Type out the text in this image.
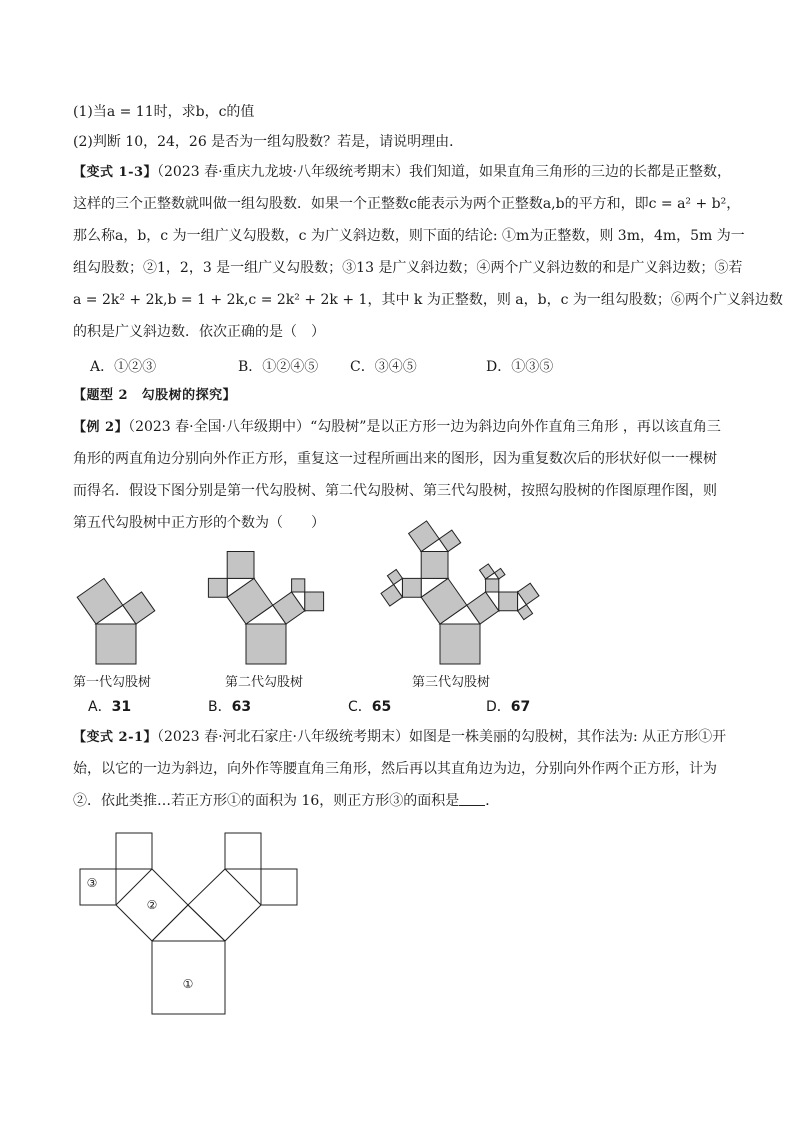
(1)当a = 11时，求b，c的值
(2)判断 10，24，26 是否为一组勾股数？若是，请说明理由．
【变式 1-3】（2023 春·重庆九龙坡·八年级统考期末）我们知道，如果直角三角形的三边的长都是正整数，
这样的三个正整数就叫做一组勾股数．如果一个正整数c能表示为两个正整数a,b的平方和，即c = a² + b²，
那么称a，b，c 为一组广义勾股数，c 为广义斜边数，则下面的结论: ①m为正整数，则 3m，4m，5m 为一
组勾股数；②1，2，3 是一组广义勾股数；③13 是广义斜边数；④两个广义斜边数的和是广义斜边数；⑤若
a = 2k² + 2k,b = 1 + 2k,c = 2k² + 2k + 1，其中 k 为正整数，则 a，b，c 为一组勾股数；⑥两个广义斜边数
的积是广义斜边数．依次正确的是（　）
A．①②③	B．①②④⑤ C．③④⑤	D．①③⑤
【题型 2　勾股树的探究】
【例 2】（2023 春·全国·八年级期中）“勾股树”是以正方形一边为斜边向外作直角三角形 ，再以该直角三
角形的两直角边分别向外作正方形，重复这一过程所画出来的图形，因为重复数次后的形状好似一一棵树
而得名．假设下图分别是第一代勾股树、第二代勾股树、第三代勾股树，按照勾股树的作图原理作图，则
第五代勾股树中正方形的个数为（　　）
第一代勾股树	第二代勾股树	第三代勾股树
A．31	B．63	C．65	D．67
【变式 2-1】（2023 春·河北石家庄·八年级统考期末）如图是一株美丽的勾股树，其作法为: 从正方形①开
始，以它的一边为斜边，向外作等腰直角三角形，然后再以其直角边为边，分别向外作两个正方形，计为
②．依此类推…若正方形①的面积为 16，则正方形③的面积是 ．
①
②
③
